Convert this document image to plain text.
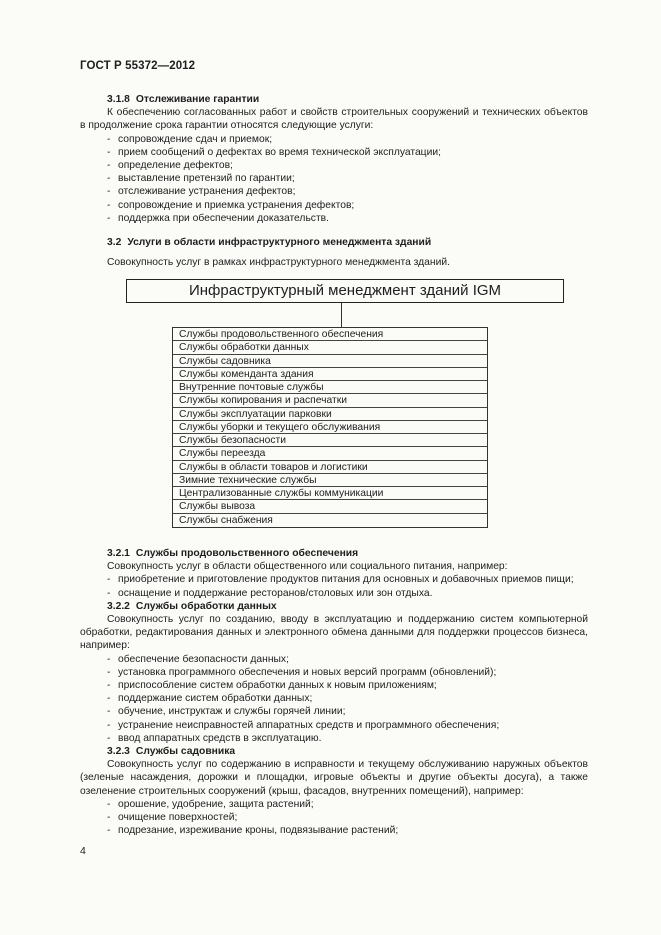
ГОСТ Р 55372—2012
3.1.8 Отслеживание гарантии

К обеспечению согласованных работ и свойств строительных сооружений и технических объектов в продолжение срока гарантии относятся следующие услуги:

- сопровождение сдач и приемок;
- прием сообщений о дефектах во время технической эксплуатации;
- определение дефектов;
- выставление претензий по гарантии;
- отслеживание устранения дефектов;
- сопровождение и приемка устранения дефектов;
- поддержка при обеспечении доказательств.
3.2 Услуги в области инфраструктурного менеджмента зданий

Совокупность услуг в рамках инфраструктурного менеджмента зданий.

Инфраструктурный менеджмент зданий IGM
Службы продовольственного обеспечения
Службы обработки данных
Службы садовника
Службы коменданта здания
Внутренние почтовые службы
Службы копирования и распечатки
Службы эксплуатации парковки
Службы уборки и текущего обслуживания
Службы безопасности
Службы переезда
Службы в области товаров и логистики
Зимние технические службы
Централизованные службы коммуникации
Службы вывоза
Службы снабжения
3.2.1 Службы продовольственного обеспечения

Совокупность услуг в области общественного или социального питания, например:

- приобретение и приготовление продуктов питания для основных и добавочных приемов пищи;
- оснащение и поддержание ресторанов/столовых или зон отдыха.
3.2.2 Службы обработки данных

Совокупность услуг по созданию, вводу в эксплуатацию и поддержанию систем компьютерной обработки, редактирования данных и электронного обмена данными для поддержки процессов бизнеса, например:

- обеспечение безопасности данных;
- установка программного обеспечения и новых версий программ (обновлений);
- приспособление систем обработки данных к новым приложениям;
- поддержание систем обработки данных;
- обучение, инструктаж и службы горячей линии;
- устранение неисправностей аппаратных средств и программного обеспечения;
- ввод аппаратных средств в эксплуатацию.
3.2.3 Службы садовника

Совокупность услуг по содержанию в исправности и текущему обслуживанию наружных объектов (зеленые насаждения, дорожки и площадки, игровые объекты и другие объекты досуга), а также озеленение строительных сооружений (крыш, фасадов, внутренних помещений), например:

- орошение, удобрение, защита растений;
- очищение поверхностей;
- подрезание, изреживание кроны, подвязывание растений;
4
